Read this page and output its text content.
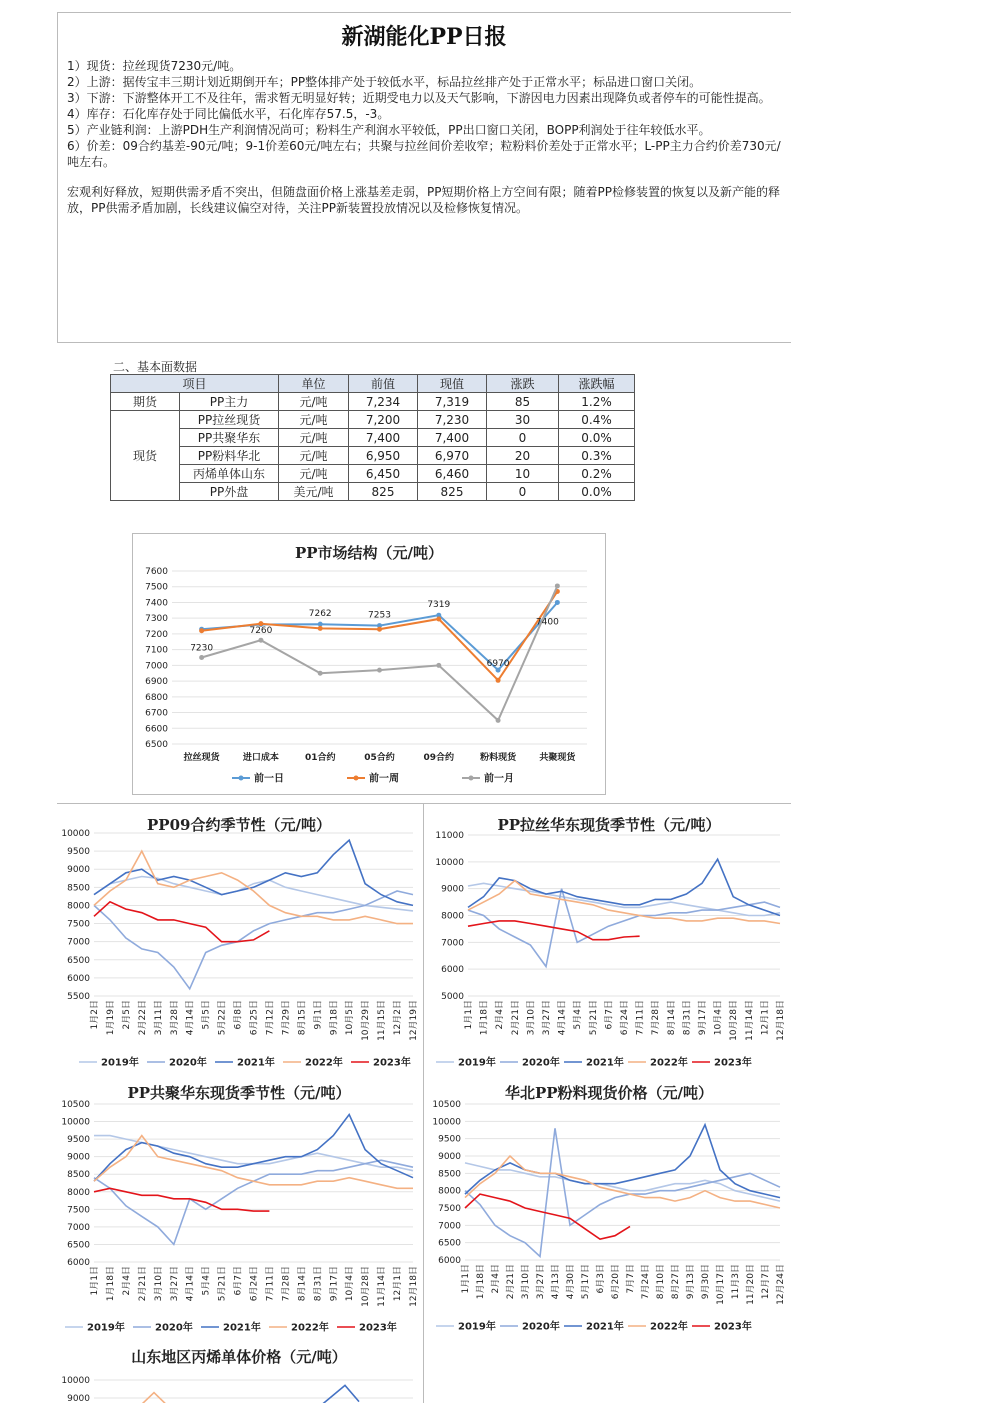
新湖能化PP日报

1）现货：拉丝现货7230元/吨。

2）上游：据传宝丰三期计划近期倒开车；PP整体排产处于较低水平，标品拉丝排产处于正常水平；标品进口窗口关闭。

3）下游：下游整体开工不及往年，需求暂无明显好转；近期受电力以及天气影响，下游因电力因素出现降负或者停车的可能性提高。

4）库存：石化库存处于同比偏低水平，石化库存57.5，-3。

5）产业链利润：上游PDH生产利润情况尚可；粉料生产利润水平较低，PP出口窗口关闭，BOPP利润处于往年较低水平。

6）价差：09合约基差-90元/吨；9-1价差60元/吨左右；共聚与拉丝间价差收窄；粒粉料价差处于正常水平；L-PP主力合约价差730元/吨左右。

宏观利好释放，短期供需矛盾不突出，但随盘面价格上涨基差走弱，PP短期价格上方空间有限；随着PP检修装置的恢复以及新产能的释放，PP供需矛盾加剧，长线建议偏空对待，关注PP新装置投放情况以及检修恢复情况。

二、基本面数据
项目		单位	前值	现值	涨跌	涨跌幅
期货	PP主力	元/吨	7,234	7,319	85	1.2%
现货	PP拉丝现货	元/吨	7,200	7,230	30	0.4%
	PP共聚华东	元/吨	7,400	7,400	0	0.0%
	PP粉料华北	元/吨	6,950	6,970	20	0.3%
	丙烯单体山东	元/吨	6,450	6,460	10	0.2%
	PP外盘	美元/吨	825	825	0	0.0%
PP市场结构（元/吨）
6500
6600
6700
6800
6900
7000
7100
7200
7300
7400
7500
7600
拉丝现货	进口成本	01合约	05合约	09合约	粉料现货	共聚现货
7230
7260
7262	7253
7319
6970
7400
前一日	前一周	前一月
PP09合约季节性（元/吨）
5500
6000
6500
7000
7500
8000
8500
9000
9500
10000
1月2日 1月19日 2月5日 2月22日 3月11日 3月28日 4月14日 5月5日 5月22日 6月8日 6月25日 7月12日 7月29日 8月15日 9月1日 9月18日 10月5日 10月29日 11月15日 12月2日 12月19日
2019年	2020年	2021年	2022年	2023年
PP拉丝华东现货季节性（元/吨）
5000
6000
7000
8000
9000
10000
11000
1月1日 1月18日 2月4日 2月21日 3月10日 3月27日 4月14日 5月4日 5月21日 6月7日 6月24日 7月11日 7月28日 8月14日 8月31日 9月17日 10月4日 10月28日 11月14日 12月1日 12月18日
2019年	2020年	2021年	2022年	2023年
PP共聚华东现货季节性（元/吨）
6000
6500
7000
7500
8000
8500
9000
9500
10000
10500
1月1日 1月18日 2月4日 2月21日 3月10日 3月27日 4月14日 5月4日 5月21日 6月7日 6月24日 7月11日 7月28日 8月14日 8月31日 9月17日 10月4日 10月28日 11月14日 12月1日 12月18日
2019年	2020年	2021年	2022年	2023年
华北PP粉料现货价格（元/吨）
6000
6500
7000
7500
8000
8500
9000
9500
10000
10500
1月1日 1月18日 2月4日 2月21日 3月10日 3月27日 4月13日 4月30日 5月17日 6月3日 6月20日 7月7日 7月24日 8月10日 8月27日 9月13日 9月30日 10月17日 11月3日 11月20日 12月7日 12月24日
2019年	2020年	2021年	2022年	2023年
山东地区丙烯单体价格（元/吨）
9000
10000
